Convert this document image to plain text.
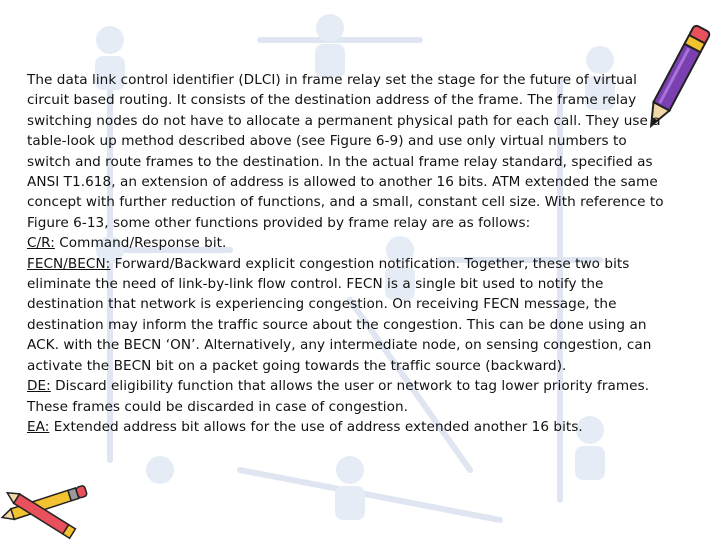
The data link control identifier (DLCI) in frame relay set the stage for the future of virtual circuit based routing. It consists of the destination address of the frame. The frame relay switching nodes do not have to allocate a permanent physical path for each call. They use a table-look up method described above (see Figure 6-9) and use only virtual numbers to switch and route frames to the destination. In the actual frame relay standard, specified as ANSI T1.618, an extension of address is allowed to another 16 bits. ATM extended the same concept with further reduction of functions, and a small, constant cell size. With reference to Figure 6-13, some other functions provided by frame relay are as follows:

C/R: Command/Response bit.

FECN/BECN: Forward/Backward explicit congestion notification. Together, these two bits eliminate the need of link-by-link flow control. FECN is a single bit used to notify the destination that network is experiencing congestion. On receiving FECN message, the destination may inform the traffic source about the congestion. This can be done using an ACK. with the BECN ‘ON’. Alternatively, any intermediate node, on sensing congestion, can activate the BECN bit on a packet going towards the traffic source (backward).

DE: Discard eligibility function that allows the user or network to tag lower priority frames. These frames could be discarded in case of congestion.

EA: Extended address bit allows for the use of address extended another 16 bits.
